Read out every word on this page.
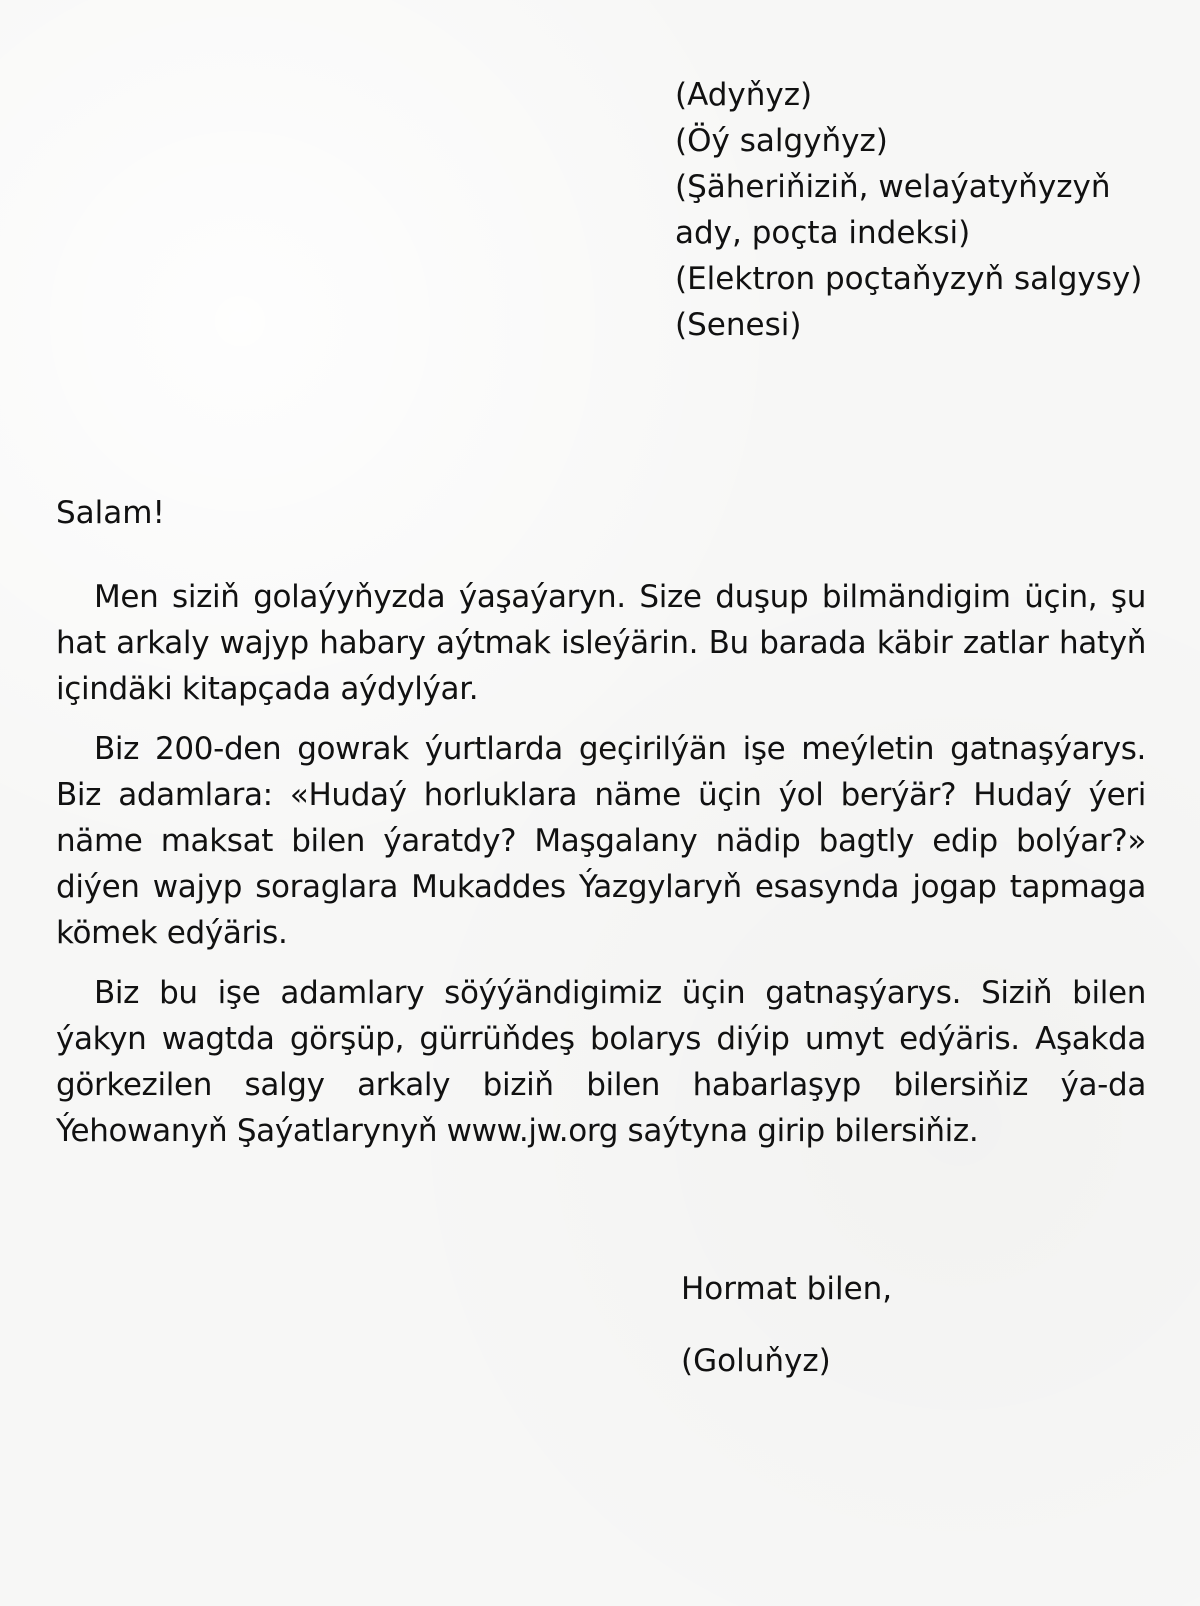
(Adyňyz)
(Öý salgyňyz)
(Şäheriňiziň, welaýatyňyzyň
ady, poçta indeksi)
(Elektron poçtaňyzyň salgysy)
(Senesi)
Salam!

Men siziň golaýyňyzda ýaşaýaryn. Size duşup bilmändigim üçin, şu hat arkaly wajyp habary aýtmak isleýärin. Bu barada käbir zatlar hatyň içindäki kitapçada aýdylýar.

Biz 200-den gowrak ýurtlarda geçirilýän işe meýletin gatnaşýarys. Biz adamlara: «Hudaý horluklara näme üçin ýol berýär? Hudaý ýeri näme maksat bilen ýaratdy? Maşgalany nädip bagtly edip bolýar?» diýen wajyp soraglara Mukaddes Ýazgylaryň esasynda jogap tapmaga kömek edýäris.

Biz bu işe adamlary söýýändigimiz üçin gatnaşýarys. Siziň bilen ýakyn wagtda görşüp, gürrüňdeş bolarys diýip umyt edýäris. Aşakda görkezilen salgy arkaly biziň bilen habarlaşyp bilersiňiz ýa-da Ýehowanyň Şaýatlarynyň www.jw.org saýtyna girip bilersiňiz.

Hormat bilen,
(Goluňyz)
